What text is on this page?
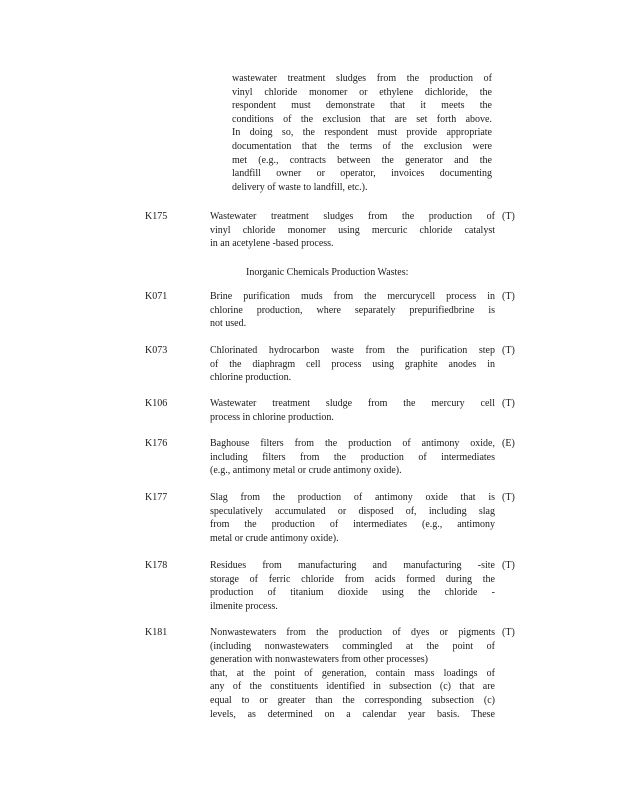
wastewater treatment sludges from the production of
vinyl chloride monomer or ethylene dichloride, the
respondent must demonstrate that it meets the
conditions of the exclusion that are set forth above.
In doing so, the respondent must provide appropriate
documentation that the terms of the exclusion were
met (e.g., contracts between the generator and the
landfill owner or operator, invoices documenting
delivery of waste to landfill, etc.).
K175	Wastewater treatment sludges from the production of
vinyl chloride monomer using mercuric chloride catalyst
in an acetylene -based process.
(T)
Inorganic Chemicals Production Wastes:
K071	Brine purification muds from the mercurycell process in
chlorine production, where separately prepurifiedbrine is
not used.
(T)
K073	Chlorinated hydrocarbon waste from the purification step
of the diaphragm cell process using graphite anodes in
chlorine production.
(T)
K106	Wastewater treatment sludge from the mercury cell
process in chlorine production.
(T)
K176	Baghouse filters from the production of antimony oxide,
including filters from the production of intermediates
(e.g., antimony metal or crude antimony oxide).
(E)
K177	Slag from the production of antimony oxide that is
speculatively accumulated or disposed of, including slag
from the production of intermediates (e.g., antimony
metal or crude antimony oxide).
(T)
K178	Residues from manufacturing and manufacturing -site
storage of ferric chloride from acids formed during the
production of titanium dioxide using the chloride -
ilmenite process.
(T)
K181	Nonwastewaters from the production of dyes or pigments
(including nonwastewaters commingled at the point of
generation with nonwastewaters from other processes)
that, at the point of generation, contain mass loadings of
any of the constituents identified in subsection (c) that are
equal to or greater than the corresponding subsection (c)
levels, as determined on a calendar year basis. These
(T)
